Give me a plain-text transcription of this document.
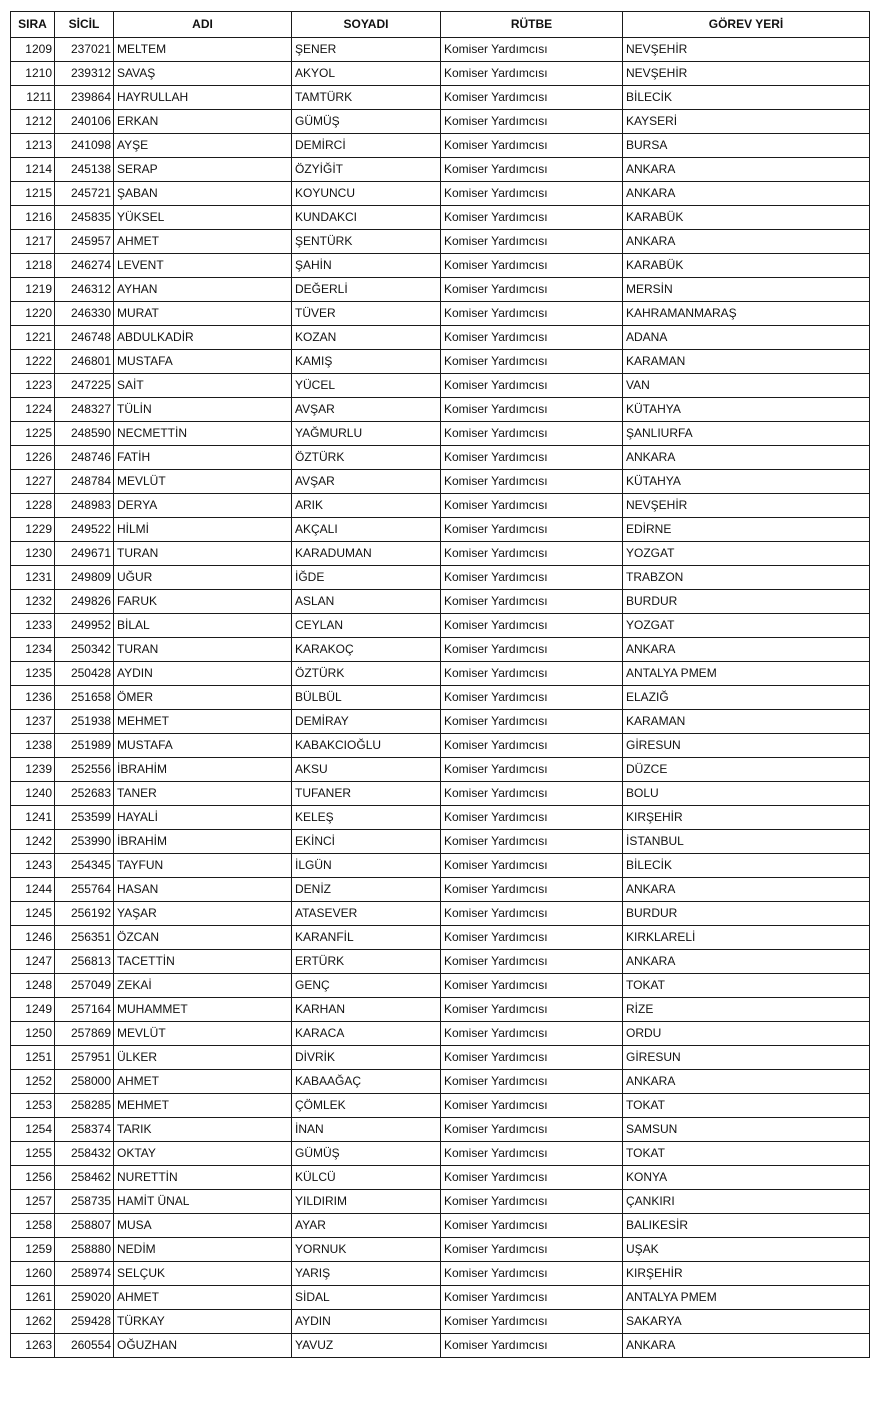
SIRA	SİCİL	ADI	SOYADI	RÜTBE	GÖREV YERİ
1209	237021	MELTEM	ŞENER	Komiser Yardımcısı	NEVŞEHİR
1210	239312	SAVAŞ	AKYOL	Komiser Yardımcısı	NEVŞEHİR
1211	239864	HAYRULLAH	TAMTÜRK	Komiser Yardımcısı	BİLECİK
1212	240106	ERKAN	GÜMÜŞ	Komiser Yardımcısı	KAYSERİ
1213	241098	AYŞE	DEMİRCİ	Komiser Yardımcısı	BURSA
1214	245138	SERAP	ÖZYİĞİT	Komiser Yardımcısı	ANKARA
1215	245721	ŞABAN	KOYUNCU	Komiser Yardımcısı	ANKARA
1216	245835	YÜKSEL	KUNDAKCI	Komiser Yardımcısı	KARABÜK
1217	245957	AHMET	ŞENTÜRK	Komiser Yardımcısı	ANKARA
1218	246274	LEVENT	ŞAHİN	Komiser Yardımcısı	KARABÜK
1219	246312	AYHAN	DEĞERLİ	Komiser Yardımcısı	MERSİN
1220	246330	MURAT	TÜVER	Komiser Yardımcısı	KAHRAMANMARAŞ
1221	246748	ABDULKADİR	KOZAN	Komiser Yardımcısı	ADANA
1222	246801	MUSTAFA	KAMIŞ	Komiser Yardımcısı	KARAMAN
1223	247225	SAİT	YÜCEL	Komiser Yardımcısı	VAN
1224	248327	TÜLİN	AVŞAR	Komiser Yardımcısı	KÜTAHYA
1225	248590	NECMETTİN	YAĞMURLU	Komiser Yardımcısı	ŞANLIURFA
1226	248746	FATİH	ÖZTÜRK	Komiser Yardımcısı	ANKARA
1227	248784	MEVLÜT	AVŞAR	Komiser Yardımcısı	KÜTAHYA
1228	248983	DERYA	ARIK	Komiser Yardımcısı	NEVŞEHİR
1229	249522	HİLMİ	AKÇALI	Komiser Yardımcısı	EDİRNE
1230	249671	TURAN	KARADUMAN	Komiser Yardımcısı	YOZGAT
1231	249809	UĞUR	İĞDE	Komiser Yardımcısı	TRABZON
1232	249826	FARUK	ASLAN	Komiser Yardımcısı	BURDUR
1233	249952	BİLAL	CEYLAN	Komiser Yardımcısı	YOZGAT
1234	250342	TURAN	KARAKOÇ	Komiser Yardımcısı	ANKARA
1235	250428	AYDIN	ÖZTÜRK	Komiser Yardımcısı	ANTALYA PMEM
1236	251658	ÖMER	BÜLBÜL	Komiser Yardımcısı	ELAZIĞ
1237	251938	MEHMET	DEMİRAY	Komiser Yardımcısı	KARAMAN
1238	251989	MUSTAFA	KABAKCIOĞLU	Komiser Yardımcısı	GİRESUN
1239	252556	İBRAHİM	AKSU	Komiser Yardımcısı	DÜZCE
1240	252683	TANER	TUFANER	Komiser Yardımcısı	BOLU
1241	253599	HAYALİ	KELEŞ	Komiser Yardımcısı	KIRŞEHİR
1242	253990	İBRAHİM	EKİNCİ	Komiser Yardımcısı	İSTANBUL
1243	254345	TAYFUN	İLGÜN	Komiser Yardımcısı	BİLECİK
1244	255764	HASAN	DENİZ	Komiser Yardımcısı	ANKARA
1245	256192	YAŞAR	ATASEVER	Komiser Yardımcısı	BURDUR
1246	256351	ÖZCAN	KARANFİL	Komiser Yardımcısı	KIRKLARELİ
1247	256813	TACETTİN	ERTÜRK	Komiser Yardımcısı	ANKARA
1248	257049	ZEKAİ	GENÇ	Komiser Yardımcısı	TOKAT
1249	257164	MUHAMMET	KARHAN	Komiser Yardımcısı	RİZE
1250	257869	MEVLÜT	KARACA	Komiser Yardımcısı	ORDU
1251	257951	ÜLKER	DİVRİK	Komiser Yardımcısı	GİRESUN
1252	258000	AHMET	KABAAĞAÇ	Komiser Yardımcısı	ANKARA
1253	258285	MEHMET	ÇÖMLEK	Komiser Yardımcısı	TOKAT
1254	258374	TARIK	İNAN	Komiser Yardımcısı	SAMSUN
1255	258432	OKTAY	GÜMÜŞ	Komiser Yardımcısı	TOKAT
1256	258462	NURETTİN	KÜLCÜ	Komiser Yardımcısı	KONYA
1257	258735	HAMİT ÜNAL	YILDIRIM	Komiser Yardımcısı	ÇANKIRI
1258	258807	MUSA	AYAR	Komiser Yardımcısı	BALIKESİR
1259	258880	NEDİM	YORNUK	Komiser Yardımcısı	UŞAK
1260	258974	SELÇUK	YARIŞ	Komiser Yardımcısı	KIRŞEHİR
1261	259020	AHMET	SİDAL	Komiser Yardımcısı	ANTALYA PMEM
1262	259428	TÜRKAY	AYDIN	Komiser Yardımcısı	SAKARYA
1263	260554	OĞUZHAN	YAVUZ	Komiser Yardımcısı	ANKARA
